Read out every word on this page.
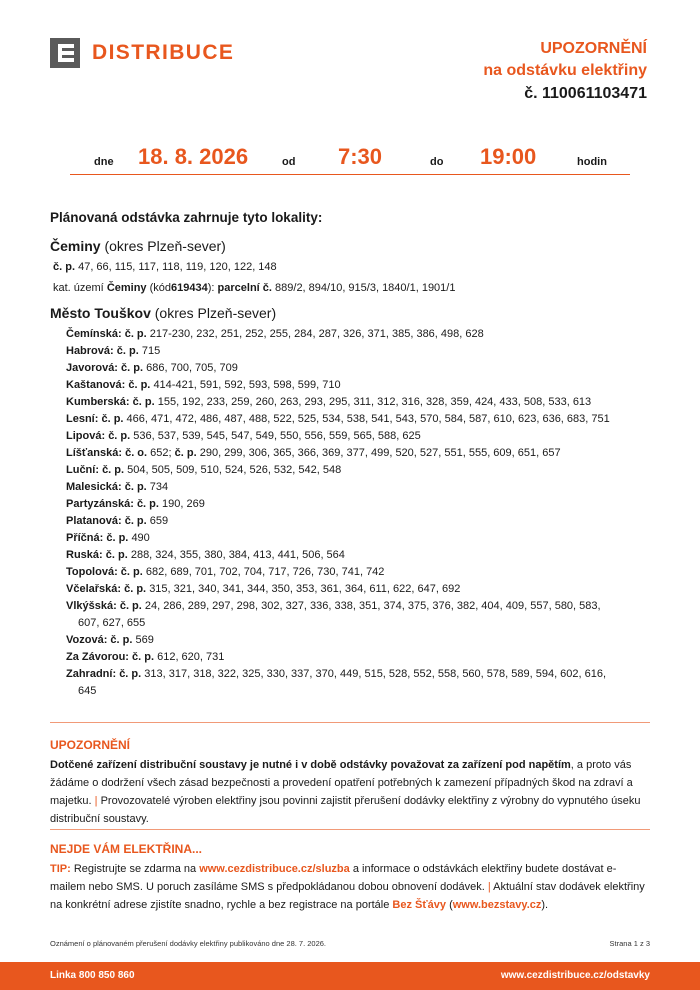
DISTRIBUCE	UPOZORNĚNÍ
na odstávku elektřiny
č. 110061103471
dne 18. 8. 2026	od 7:30	do 19:00	hodin
Plánovaná odstávka zahrnuje tyto lokality:
Čeminy (okres Plzeň-sever)
č. p. 47, 66, 115, 117, 118, 119, 120, 122, 148
kat. území Čeminy (kód619434): parcelní č. 889/2, 894/10, 915/3, 1840/1, 1901/1
Město Touškov (okres Plzeň-sever)
Čemínská: č. p. 217-230, 232, 251, 252, 255, 284, 287, 326, 371, 385, 386, 498, 628
Habrová: č. p. 715
Javorová: č. p. 686, 700, 705, 709
Kaštanová: č. p. 414-421, 591, 592, 593, 598, 599, 710
Kumberská: č. p. 155, 192, 233, 259, 260, 263, 293, 295, 311, 312, 316, 328, 359, 424, 433, 508, 533, 613
Lesní: č. p. 466, 471, 472, 486, 487, 488, 522, 525, 534, 538, 541, 543, 570, 584, 587, 610, 623, 636, 683, 751
Lipová: č. p. 536, 537, 539, 545, 547, 549, 550, 556, 559, 565, 588, 625
Líšťanská: č. o. 652; č. p. 290, 299, 306, 365, 366, 369, 377, 499, 520, 527, 551, 555, 609, 651, 657
Luční: č. p. 504, 505, 509, 510, 524, 526, 532, 542, 548
Malesická: č. p. 734
Partyzánská: č. p. 190, 269
Platanová: č. p. 659
Příčná: č. p. 490
Ruská: č. p. 288, 324, 355, 380, 384, 413, 441, 506, 564
Topolová: č. p. 682, 689, 701, 702, 704, 717, 726, 730, 741, 742
Včelařská: č. p. 315, 321, 340, 341, 344, 350, 353, 361, 364, 611, 622, 647, 692
Vlkýšská: č. p. 24, 286, 289, 297, 298, 302, 327, 336, 338, 351, 374, 375, 376, 382, 404, 409, 557, 580, 583,
607, 627, 655
Vozová: č. p. 569
Za Závorou: č. p. 612, 620, 731
Zahradní: č. p. 313, 317, 318, 322, 325, 330, 337, 370, 449, 515, 528, 552, 558, 560, 578, 589, 594, 602, 616,
645
UPOZORNĚNÍ
Dotčené zařízení distribuční soustavy je nutné i v době odstávky považovat za zařízení pod napětím, a proto vás žádáme o dodržení všech zásad bezpečnosti a provedení opatření potřebných k zamezení případných škod na zdraví a majetku. | Provozovatelé výroben elektřiny jsou povinni zajistit přerušení dodávky elektřiny z výrobny do vypnutého úseku distribuční soustavy.
NEJDE VÁM ELEKTŘINA...
TIP: Registrujte se zdarma na www.cezdistribuce.cz/sluzba a informace o odstávkách elektřiny budete dostávat e-mailem nebo SMS. U poruch zasíláme SMS s předpokládanou dobou obnovení dodávek. | Aktuální stav dodávek elektřiny na konkrétní adrese zjistíte snadno, rychle a bez registrace na portále Bez Šťávy (www.bezstavy.cz).
Oznámení o plánovaném přerušení dodávky elektřiny publikováno dne 28. 7. 2026.	Strana 1 z 3
Linka 800 850 860	www.cezdistribuce.cz/odstavky
